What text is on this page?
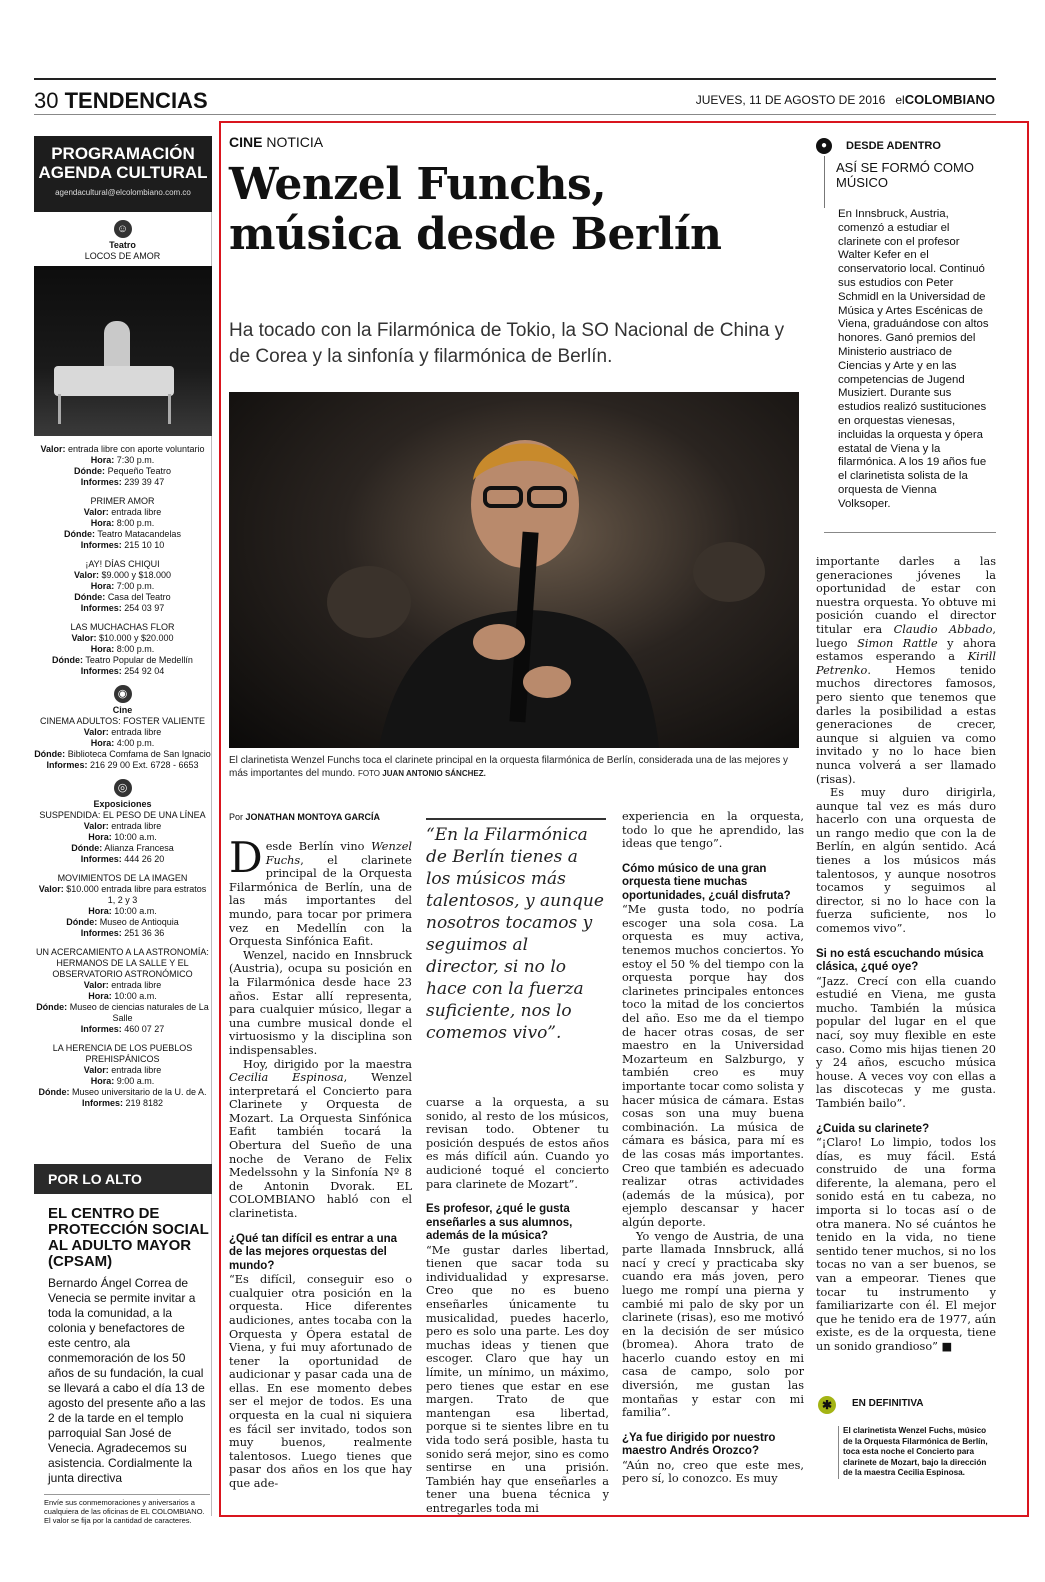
30 TENDENCIAS	JUEVES, 11 DE AGOSTO DE 2016 elCOLOMBIANO
PROGRAMACIÓN
AGENDA CULTURAL
agendacultural@elcolombiano.com.co
☺
Teatro
LOCOS DE AMOR
Valor: entrada libre con aporte voluntario
Hora: 7:30 p.m.
Dónde: Pequeño Teatro
Informes: 239 39 47
PRIMER AMOR
Valor: entrada libre
Hora: 8:00 p.m.
Dónde: Teatro Matacandelas
Informes: 215 10 10
¡AY! DÍAS CHIQUI
Valor: $9.000 y $18.000
Hora: 7:00 p.m.
Dónde: Casa del Teatro
Informes: 254 03 97
LAS MUCHACHAS FLOR
Valor: $10.000 y $20.000
Hora: 8:00 p.m.
Dónde: Teatro Popular de Medellín
Informes: 254 92 04
◉
Cine
CINEMA ADULTOS: FOSTER VALIENTE
Valor: entrada libre
Hora: 4:00 p.m.
Dónde: Biblioteca Comfama de San Ignacio
Informes: 216 29 00 Ext. 6728 - 6653
◎
Exposiciones
SUSPENDIDA: EL PESO DE UNA LÍNEA
Valor: entrada libre
Hora: 10:00 a.m.
Dónde: Alianza Francesa
Informes: 444 26 20
MOVIMIENTOS DE LA IMAGEN
Valor: $10.000 entrada libre para estratos 1, 2 y 3
Hora: 10:00 a.m.
Dónde: Museo de Antioquia
Informes: 251 36 36
UN ACERCAMIENTO A LA ASTRONOMÍA: HERMANOS DE LA SALLE Y EL OBSERVATORIO ASTRONÓMICO
Valor: entrada libre
Hora: 10:00 a.m.
Dónde: Museo de ciencias naturales de La Salle
Informes: 460 07 27
LA HERENCIA DE LOS PUEBLOS PREHISPÁNICOS
Valor: entrada libre
Hora: 9:00 a.m.
Dónde: Museo universitario de la U. de A.
Informes: 219 8182
POR LO ALTO
EL CENTRO DE PROTECCIÓN SOCIAL AL ADULTO MAYOR (CPSAM)
Bernardo Ángel Correa de Venecia se permite invitar a toda la comunidad, a la colonia y benefactores de este centro, ala conmemoración de los 50 años de su fundación, la cual se llevará a cabo el día 13 de agosto del presente año a las 2 de la tarde en el templo parroquial San José de Venecia. Agradecemos su asistencia. Cordialmente la junta directiva
Envíe sus conmemoraciones y aniversarios a cualquiera de las oficinas de EL COLOMBIANO. El valor se fija por la cantidad de caracteres.
CINE NOTICIA
Wenzel Funchs,
música desde Berlín
Ha tocado con la Filarmónica de Tokio, la SO Nacional de China y de Corea y la sinfonía y filarmónica de Berlín.
El clarinetista Wenzel Funchs toca el clarinete principal en la orquesta filarmónica de Berlín, considerada una de las mejores y más importantes del mundo. FOTO JUAN ANTONIO SÁNCHEZ.
Por JONATHAN MONTOYA GARCÍA

Desde Berlín vino Wenzel Fuchs, el clarinete principal de la Orquesta Filarmónica de Berlín, una de las más importantes del mundo, para tocar por primera vez en Medellín con la Orquesta Sinfónica Eafit.

Wenzel, nacido en Innsbruck (Austria), ocupa su posición en la Filarmónica desde hace 23 años. Estar allí representa, para cualquier músico, llegar a una cumbre musical donde el virtuosismo y la disciplina son indispensables.

Hoy, dirigido por la maestra Cecilia Espinosa, Wenzel interpretará el Concierto para Clarinete y Orquesta de Mozart. La Orquesta Sinfónica Eafit también tocará la Obertura del Sueño de una noche de Verano de Felix Medelssohn y la Sinfonía Nº 8 de Antonin Dvorak. EL COLOMBIANO habló con el clarinetista.

¿Qué tan difícil es entrar a una de las mejores orquestas del mundo?

“Es difícil, conseguir eso o cualquier otra posición en la orquesta. Hice diferentes audiciones, antes tocaba con la Orquesta y Ópera estatal de Viena, y fui muy afortunado de tener la oportunidad de audicionar y pasar cada una de ellas. En ese momento debes ser el mejor de todos. Es una orquesta en la cual ni siquiera es fácil ser invitado, todos son muy buenos, realmente talentosos. Luego tienes que pasar dos años en los que hay que ade-

“En la Filarmónica de Berlín tienes a los músicos más talentosos, y aunque nosotros tocamos y seguimos al director, si no lo hace con la fuerza suficiente, nos lo comemos vivo”.

cuarse a la orquesta, a su sonido, al resto de los músicos, revisan todo. Obtener tu posición después de estos años es más difícil aún. Cuando yo audicioné toqué el concierto para clarinete de Mozart”.

Es profesor, ¿qué le gusta enseñarles a sus alumnos, además de la música?

“Me gustar darles libertad, tienen que sacar toda su individualidad y expresarse. Creo que no es bueno enseñarles únicamente tu musicalidad, puedes hacerlo, pero es solo una parte. Les doy muchas ideas y tienen que escoger. Claro que hay un límite, un mínimo, un máximo, pero tienes que estar en ese margen. Trato de que mantengan esa libertad, porque si te sientes libre en tu vida todo será posible, hasta tu sonido será mejor, sino es como sentirse en una prisión. También hay que enseñarles a tener una buena técnica y entregarles toda mi

experiencia en la orquesta, todo lo que he aprendido, las ideas que tengo”.

Cómo músico de una gran orquesta tiene muchas oportunidades, ¿cuál disfruta?

“Me gusta todo, no podría escoger una sola cosa. La orquesta es muy activa, tenemos muchos conciertos. Yo estoy el 50 % del tiempo con la orquesta porque hay dos clarinetes principales entonces toco la mitad de los conciertos del año. Eso me da el tiempo de hacer otras cosas, de ser maestro en la Universidad Mozarteum en Salzburgo, y también creo es muy importante tocar como solista y hacer música de cámara. Estas cosas son una muy buena combinación. La música de cámara es básica, para mí es de las cosas más importantes. Creo que también es adecuado realizar otras actividades (además de la música), por ejemplo descansar y hacer algún deporte.

Yo vengo de Austria, de una parte llamada Innsbruck, allá nací y crecí y practicaba sky cuando era más joven, pero luego me rompí una pierna y cambié mi palo de sky por un clarinete (risas), eso me motivó en la decisión de ser músico (bromea). Ahora trato de hacerlo cuando estoy en mi casa de campo, solo por diversión, me gustan las montañas y estar con mi familia”.

¿Ya fue dirigido por nuestro maestro Andrés Orozco?

“Aún no, creo que este mes, pero sí, lo conozco. Es muy

importante darles a las generaciones jóvenes la oportunidad de estar con nuestra orquesta. Yo obtuve mi posición cuando el director titular era Claudio Abbado, luego Simon Rattle y ahora estamos esperando a Kirill Petrenko. Hemos tenido muchos directores famosos, pero siento que tenemos que darles la posibilidad a estas generaciones de crecer, aunque si alguien va como invitado y no lo hace bien nunca volverá a ser llamado (risas).

Es muy duro dirigirla, aunque tal vez es más duro hacerlo con una orquesta de un rango medio que con la de Berlín, en algún sentido. Acá tienes a los músicos más talentosos, y aunque nosotros tocamos y seguimos al director, si no lo hace con la fuerza suficiente, nos lo comemos vivo”.

Si no está escuchando música clásica, ¿qué oye?

“Jazz. Crecí con ella cuando estudié en Viena, me gusta mucho. También la música popular del lugar en el que nací, soy muy flexible en este caso. Como mis hijas tienen 20 y 24 años, escucho música house. A veces voy con ellas a las discotecas y me gusta. También bailo”.

¿Cuida su clarinete?

“¡Claro! Lo limpio, todos los días, es muy fácil. Está construido de una forma diferente, la alemana, pero el sonido está en tu cabeza, no importa si lo tocas así o de otra manera. No sé cuántos he tenido en la vida, no tiene sentido tener muchos, si no los tocas no van a ser buenos, se van a empeorar. Tienes que tocar tu instrumento y familiarizarte con él. El mejor que he tenido era de 1977, aún existe, es de la orquesta, tiene un sonido grandioso” ■

●	DESDE ADENTRO
ASÍ SE FORMÓ COMO MÚSICO
En Innsbruck, Austria, comenzó a estudiar el clarinete con el profesor Walter Kefer en el conservatorio local. Continuó sus estudios con Peter Schmidl en la Universidad de Música y Artes Escénicas de Viena, graduándose con altos honores. Ganó premios del Ministerio austriaco de Ciencias y Arte y en las competencias de Jugend Musiziert. Durante sus estudios realizó sustituciones en orquestas vienesas, incluidas la orquesta y ópera estatal de Viena y la filarmónica. A los 19 años fue el clarinetista solista de la orquesta de Vienna Volksoper.
✱	EN DEFINITIVA
El clarinetista Wenzel Fuchs, músico de la Orquesta Filarmónica de Berlín, toca esta noche el Concierto para clarinete de Mozart, bajo la dirección de la maestra Cecilia Espinosa.
